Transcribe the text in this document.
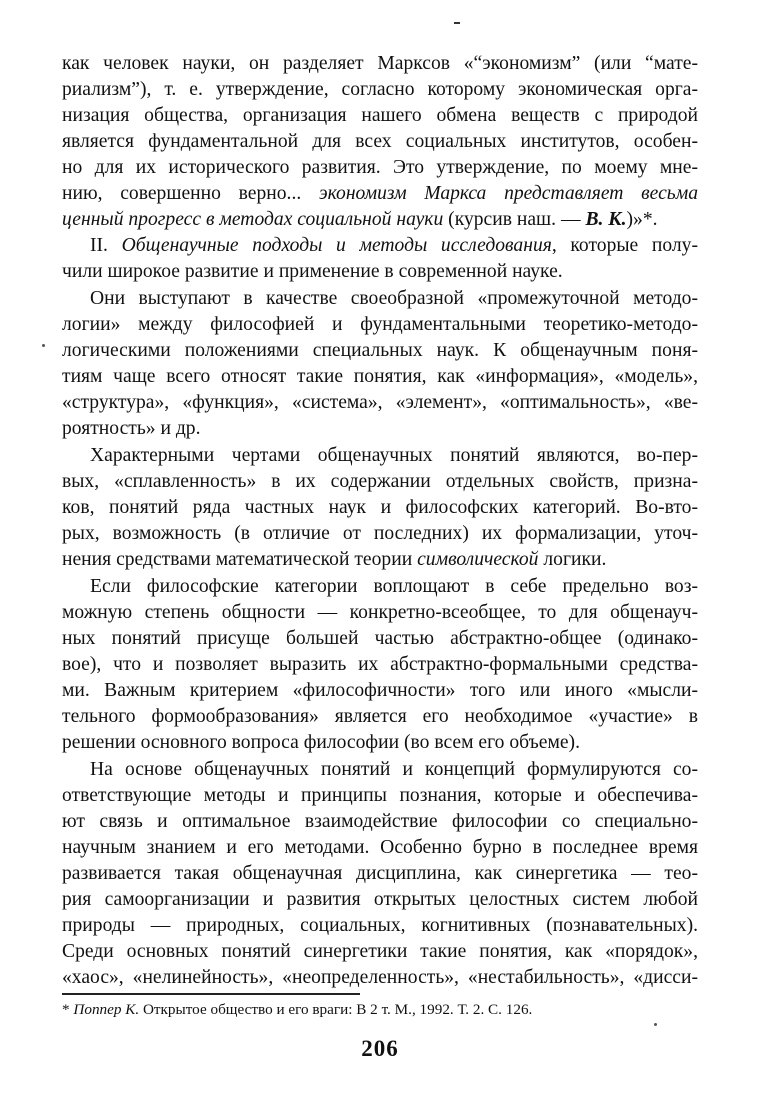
как человек науки, он разделяет Марксов «“экономизм” (или “мате-
риализм”), т. е. утверждение, согласно которому экономическая орга-
низация общества, организация нашего обмена веществ с природой
является фундаментальной для всех социальных институтов, особен-
но для их исторического развития. Это утверждение, по моему мне-
нию, совершенно верно... экономизм Маркса представляет весьма
ценный прогресс в методах социальной науки (курсив наш. — В. К.)»*.
II. Общенаучные подходы и методы исследования, которые полу-
чили широкое развитие и применение в современной науке.
Они выступают в качестве своеобразной «промежуточной методо-
логии» между философией и фундаментальными теоретико-методо-
логическими положениями специальных наук. К общенаучным поня-
тиям чаще всего относят такие понятия, как «информация», «модель»,
«структура», «функция», «система», «элемент», «оптимальность», «ве-
роятность» и др.
Характерными чертами общенаучных понятий являются, во-пер-
вых, «сплавленность» в их содержании отдельных свойств, призна-
ков, понятий ряда частных наук и философских категорий. Во-вто-
рых, возможность (в отличие от последних) их формализации, уточ-
нения средствами математической теории символической логики.
Если философские категории воплощают в себе предельно воз-
можную степень общности — конкретно-всеобщее, то для общенауч-
ных понятий присуще большей частью абстрактно-общее (одинако-
вое), что и позволяет выразить их абстрактно-формальными средства-
ми. Важным критерием «философичности» того или иного «мысли-
тельного формообразования» является его необходимое «участие» в
решении основного вопроса философии (во всем его объеме).
На основе общенаучных понятий и концепций формулируются со-
ответствующие методы и принципы познания, которые и обеспечива-
ют связь и оптимальное взаимодействие философии со специально-
научным знанием и его методами. Особенно бурно в последнее время
развивается такая общенаучная дисциплина, как синергетика — тео-
рия самоорганизации и развития открытых целостных систем любой
природы — природных, социальных, когнитивных (познавательных).
Среди основных понятий синергетики такие понятия, как «порядок»,
«хаос», «нелинейность», «неопределенность», «нестабильность», «дисси-
* Поппер К. Открытое общество и его враги: В 2 т. М., 1992. Т. 2. С. 126.
206
